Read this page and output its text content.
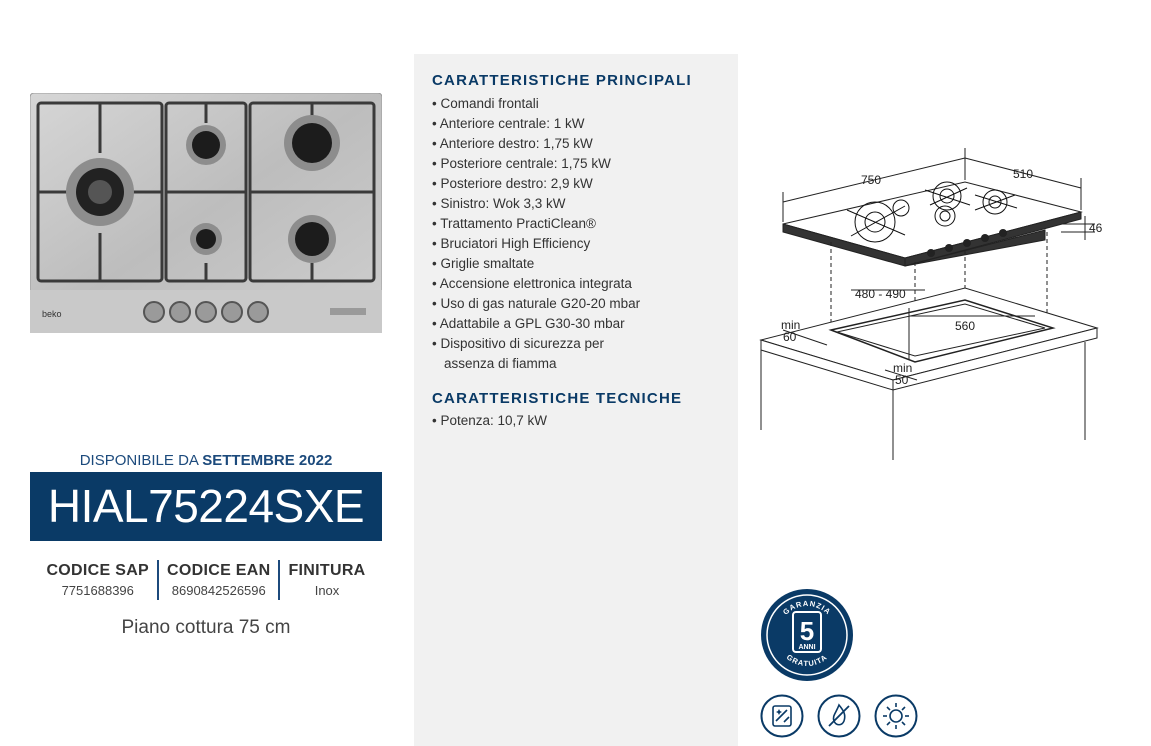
beko
DISPONIBILE DA SETTEMBRE 2022
HIAL75224SXE
CODICE SAP
7751688396
CODICE EAN
8690842526596
FINITURA
Inox
Piano cottura 75 cm
CARATTERISTICHE PRINCIPALI
• Comandi frontali
• Anteriore centrale: 1 kW
• Anteriore destro: 1,75 kW
• Posteriore centrale: 1,75 kW
• Posteriore destro: 2,9 kW
• Sinistro: Wok 3,3 kW
• Trattamento PractiClean®
• Bruciatori High Efficiency
• Griglie smaltate
• Accensione elettronica integrata
• Uso di gas naturale G20-20 mbar
• Adattabile a GPL G30-30 mbar
• Dispositivo di sicurezza per assenza di fiamma
CARATTERISTICHE TECNICHE
• Potenza: 10,7 kW
750	510
46
480 - 490
560
min
60
min
50
GARANZIA
5
ANNI
GRATUITA
